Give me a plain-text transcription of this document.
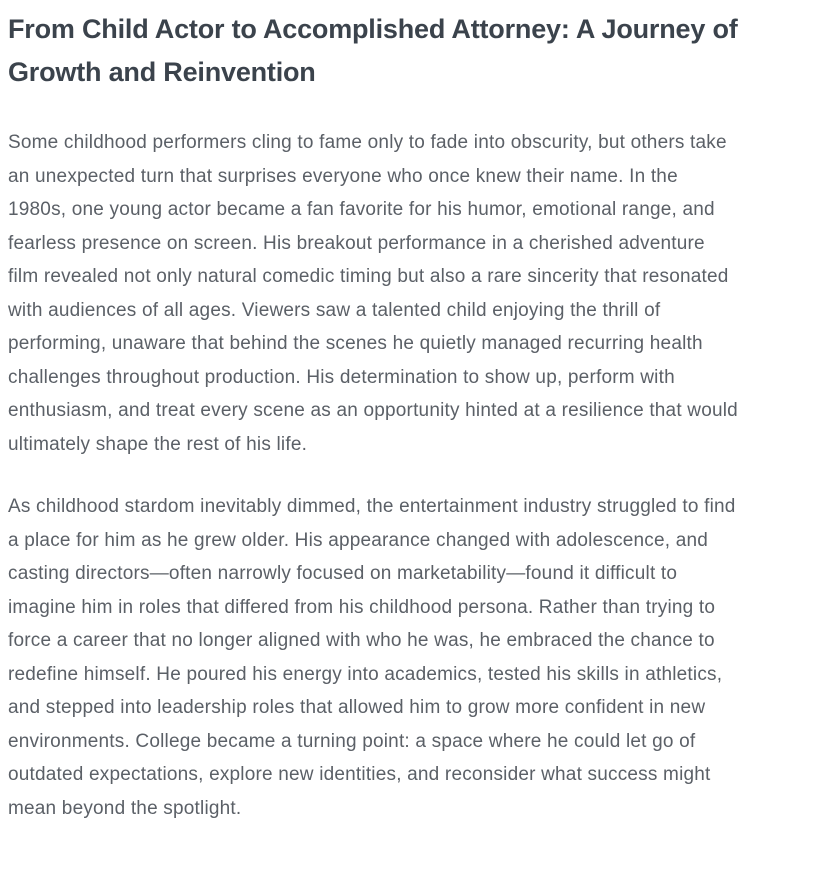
From Child Actor to Accomplished Attorney: A Journey of Growth and Reinvention

Some childhood performers cling to fame only to fade into obscurity, but others take an unexpected turn that surprises everyone who once knew their name. In the 1980s, one young actor became a fan favorite for his humor, emotional range, and fearless presence on screen. His breakout performance in a cherished adventure film revealed not only natural comedic timing but also a rare sincerity that resonated with audiences of all ages. Viewers saw a talented child enjoying the thrill of performing, unaware that behind the scenes he quietly managed recurring health challenges throughout production. His determination to show up, perform with enthusiasm, and treat every scene as an opportunity hinted at a resilience that would ultimately shape the rest of his life.

As childhood stardom inevitably dimmed, the entertainment industry struggled to find a place for him as he grew older. His appearance changed with adolescence, and casting directors—often narrowly focused on marketability—found it difficult to imagine him in roles that differed from his childhood persona. Rather than trying to force a career that no longer aligned with who he was, he embraced the chance to redefine himself. He poured his energy into academics, tested his skills in athletics, and stepped into leadership roles that allowed him to grow more confident in new environments. College became a turning point: a space where he could let go of outdated expectations, explore new identities, and reconsider what success might mean beyond the spotlight.
